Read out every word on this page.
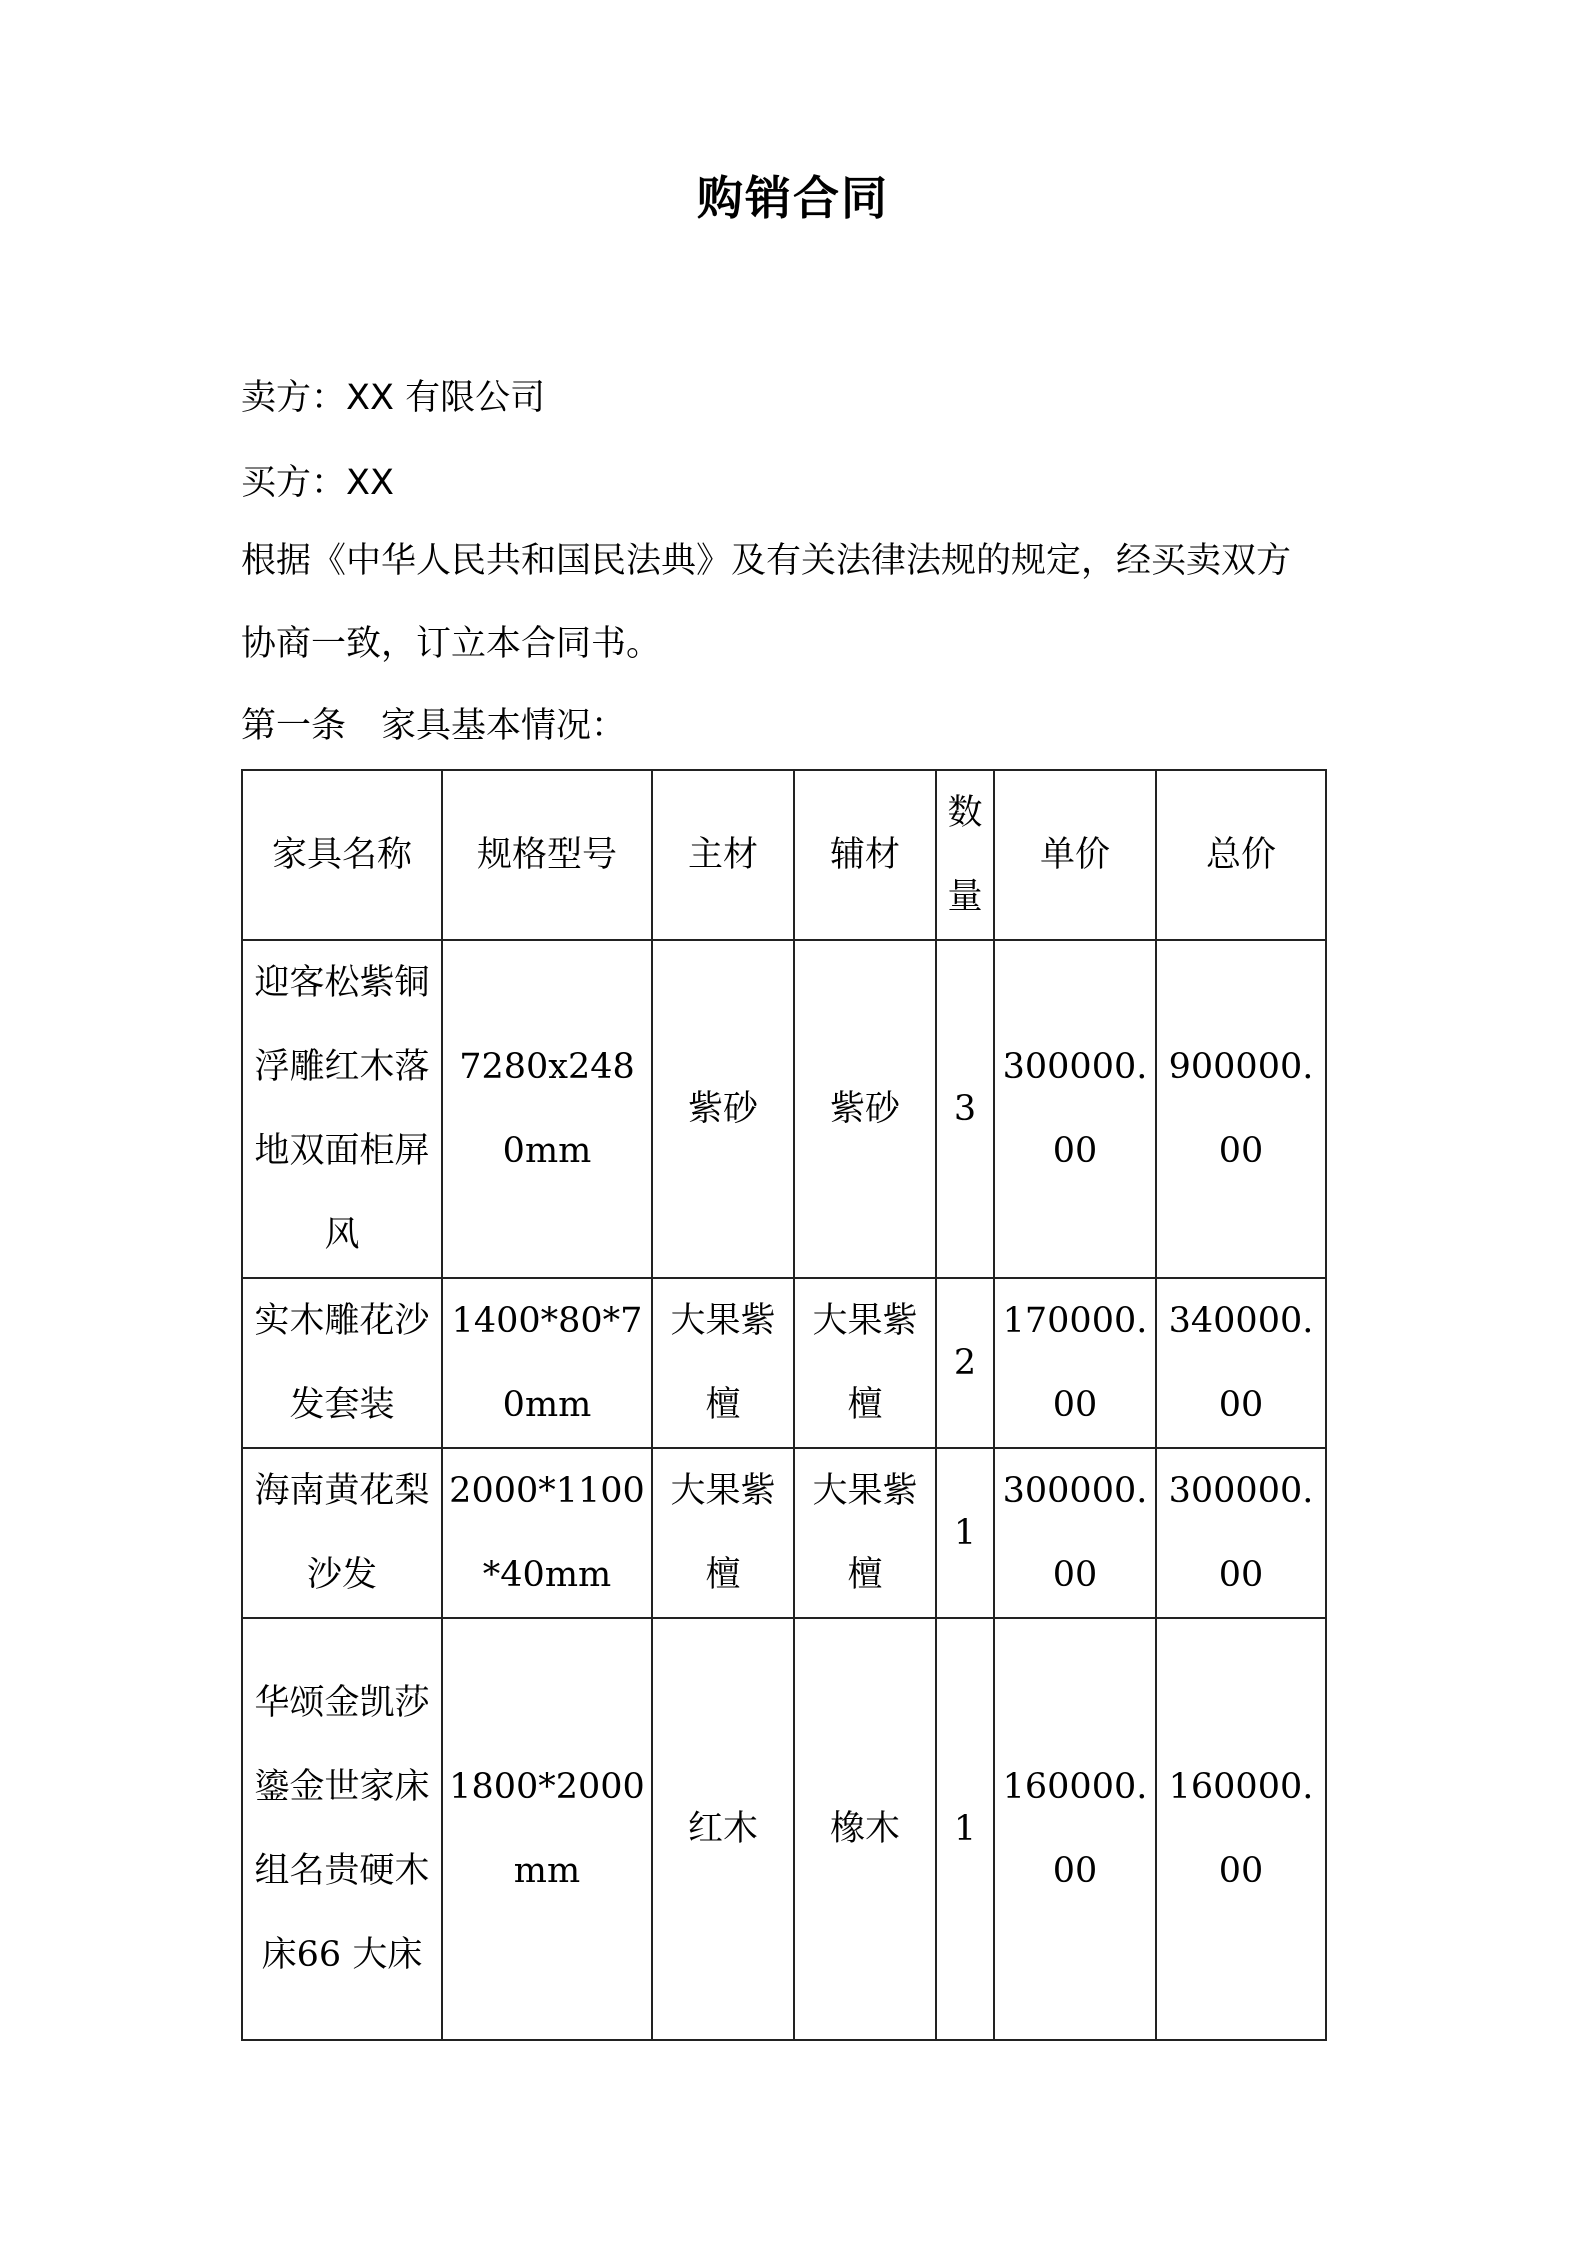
购销合同
卖方：XX 有限公司
买方：XX
根据《中华人民共和国民法典》及有关法律法规的规定，经买卖双方
协商一致，订立本合同书。
第一条　家具基本情况：
家具名称	规格型号	主材	辅材	数量	单价	总价
迎客松紫铜浮雕红木落地双面柜屏风	7280x2480mm	紫砂	紫砂	3	300000.00	900000.00
实木雕花沙发套装	1400*80*70mm	大果紫檀	大果紫檀	2	170000.00	340000.00
海南黄花梨沙发	2000*1100*40mm	大果紫檀	大果紫檀	1	300000.00	300000.00
华颂金凯莎鎏金世家床组名贵硬木床66 大床	1800*2000mm	红木	橡木	1	160000.00	160000.00
